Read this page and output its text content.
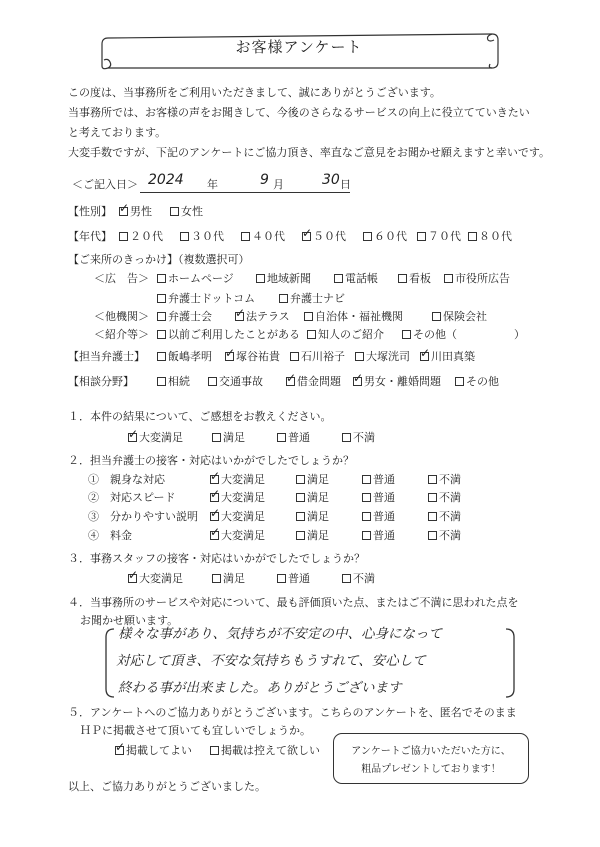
お客様アンケート
この度は、当事務所をご利用いただきまして、誠にありがとうございます。
当事務所では、お客様の声をお聞きして、今後のさらなるサービスの向上に役立てていきたい
と考えております。
大変手数ですが、下記のアンケートにご協力頂き、率直なご意見をお聞かせ願えますと幸いです。
＜ご記入日＞ 2024 年	9 月	30 日
【性別】 ✓	男性	女性
【年代】	２０代	３０代	４０代 ✓	５０代	６０代	７０代	８０代
【ご来所のきっかけ】（複数選択可）
＜広　告＞	ホームページ	地域新聞	電話帳	看板	市役所広告
弁護士ドットコム	弁護士ナビ
＜他機関＞	弁護士会 ✓	法テラス	自治体・福祉機関	保険会社
＜紹介等＞	以前ご利用したことがある	知人のご紹介	その他（	）
【担当弁護士】	飯嶋孝明 ✓	塚谷祐貴	石川裕子	大塚洸司 ✓	川田真築
【相談分野】	相続	交通事故 ✓	借金問題 ✓	男女・離婚問題	その他
１．本件の結果について、ご感想をお教えください。
✓大変満足	満足	普通	不満
２．担当弁護士の接客・対応はいかがでしたでしょうか？
①　親身な対応 ✓	大変満足	満足	普通	不満
②　対応スピード ✓	大変満足	満足	普通	不満
③　分かりやすい説明 ✓	大変満足	満足	普通	不満
④　料金 ✓	大変満足	満足	普通	不満
３．事務スタッフの接客・対応はいかがでしたでしょうか？
✓大変満足	満足	普通	不満
４．当事務所のサービスや対応について、最も評価頂いた点、またはご不満に思われた点を
お聞かせ願います。
様々な事があり、気持ちが不安定の中、心身になって
対応して頂き、不安な気持ちもうすれて、安心して
終わる事が出来ました。ありがとうございます
５．アンケートへのご協力ありがとうございます。こちらのアンケートを、匿名でそのまま
ＨＰに掲載させて頂いても宜しいでしょうか。
✓掲載してよい	掲載は控えて欲しい	アンケートご協力いただいた方に、
粗品プレゼントしております！
以上、ご協力ありがとうございました。
